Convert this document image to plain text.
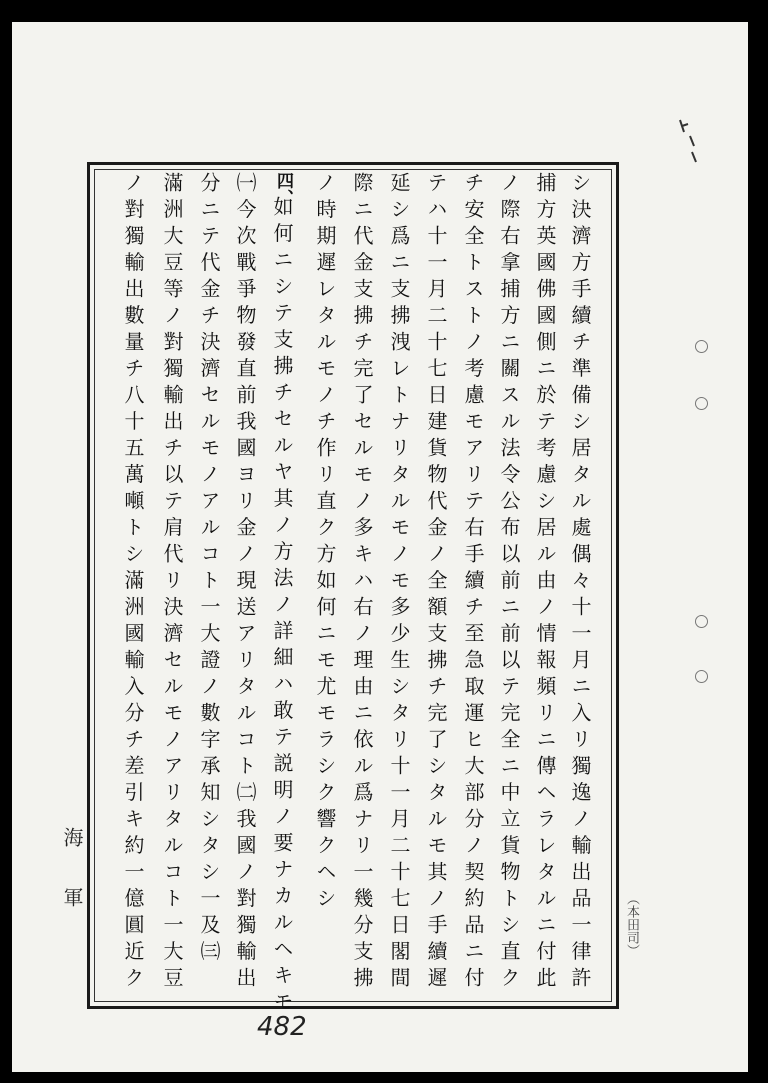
シ決濟方手續チ準備シ居タル處偶々十一月ニ入リ獨逸ノ輸出品一律許
捕方英國佛國側ニ於テ考慮シ居ル由ノ情報頻リニ傳ヘラレタルニ付此
ノ際右拿捕方ニ關スル法令公布以前ニ前以テ完全ニ中立貨物トシ直ク
チ安全トストノ考慮モアリテ右手續チ至急取運ヒ大部分ノ契約品ニ付
テハ十一月二十七日建貨物代金ノ全額支拂チ完了シタルモ其ノ手續遲
延シ爲ニ支拂洩レトナリタルモノモ多少生シタリ十一月二十七日閣間
際ニ代金支拂チ完了セルモノ多キハ右ノ理由ニ依ル爲ナリ一幾分支拂
ノ時期遲レタルモノチ作リ直ク方如何ニモ尤モラシク響クヘシ
四、
如何ニシテ支拂チセルヤ其ノ方法ノ詳細ハ敢テ説明ノ要ナカルヘキモ
㈠今次戰爭物發直前我國ヨリ金ノ現送アリタルコト㈡我國ノ對獨輸出
分ニテ代金チ決濟セルモノアルコト一大證ノ數字承知シタシ一及㈢
滿洲大豆等ノ對獨輸出チ以テ肩代リ決濟セルモノアリタルコト一大豆
ノ對獨輸出數量チ八十五萬噸トシ滿洲國輸入分チ差引キ約一億圓近ク
海　　軍
（本田司）
482
